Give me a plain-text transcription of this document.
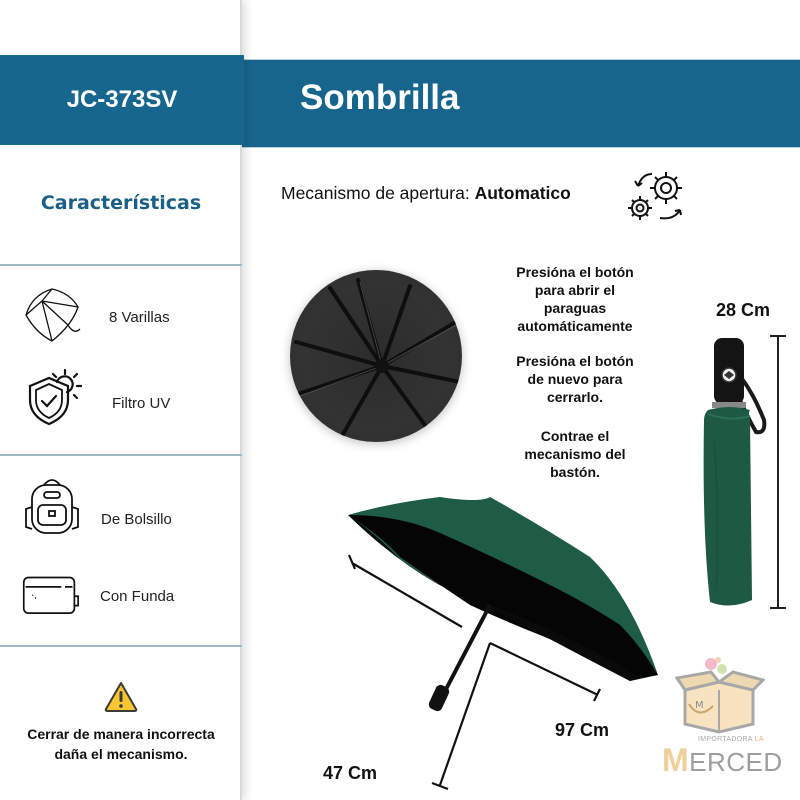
JC-373SV	Sombrilla
Características
8 Varillas
Filtro UV
De Bolsillo
Con Funda
Cerrar de manera incorrecta
daña el mecanismo.
Mecanismo de apertura: Automatico
Presióna el botón
para abrir el
paraguas
automáticamente
Presióna el botón
de nuevo para
cerrarlo.
Contrae el
mecanismo del
bastón.
28 Cm
97 Cm
47 Cm
M
IMPORTADORA LA
MERCED
